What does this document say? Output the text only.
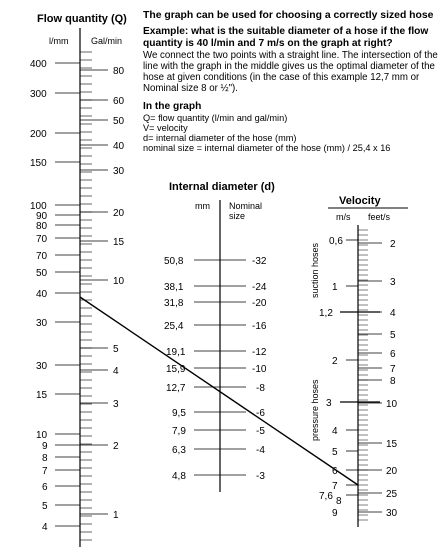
Flow quantity (Q)
l/mm	Gal/min
400
300
200
150
100
90
80
70
70
50
40
30
30
15
10
9
8
7
6
5
4
80
60
50
40
30
20
15
10
5
4
3
2
1
Internal diameter (d)
mm Nominal
size
50,8	-32
38,1	-24
31,8	-20
25,4	-16
19,1	-12
15,9	-10
12,7	-8
9,5	-6
7,9	-5
6,3	-4
4,8	-3
Velocity
m/s feet/s
suction hoses
pressure hoses
0,6
1
1,2
2
3
4
5
6
7
7,6 8
9
2
3
4
5
6
7
8
10
15
20
25
30
The graph can be used for choosing a correctly sized hose
Example: what is the suitable diameter of a hose if the flow quantity is 40 l/min and 7 m/s on the graph at right?

We connect the two points with a straight line. The intersection of the line with the graph in the middle gives us the optimal diameter of the hose at given conditions (in the case of this example 12,7 mm or Nominal size 8 or ½").

In the graph

Q= flow quantity (l/min and gal/min)

V= velocity

d= internal diameter of the hose (mm)

nominal size = internal diameter of the hose (mm) / 25,4 x 16
